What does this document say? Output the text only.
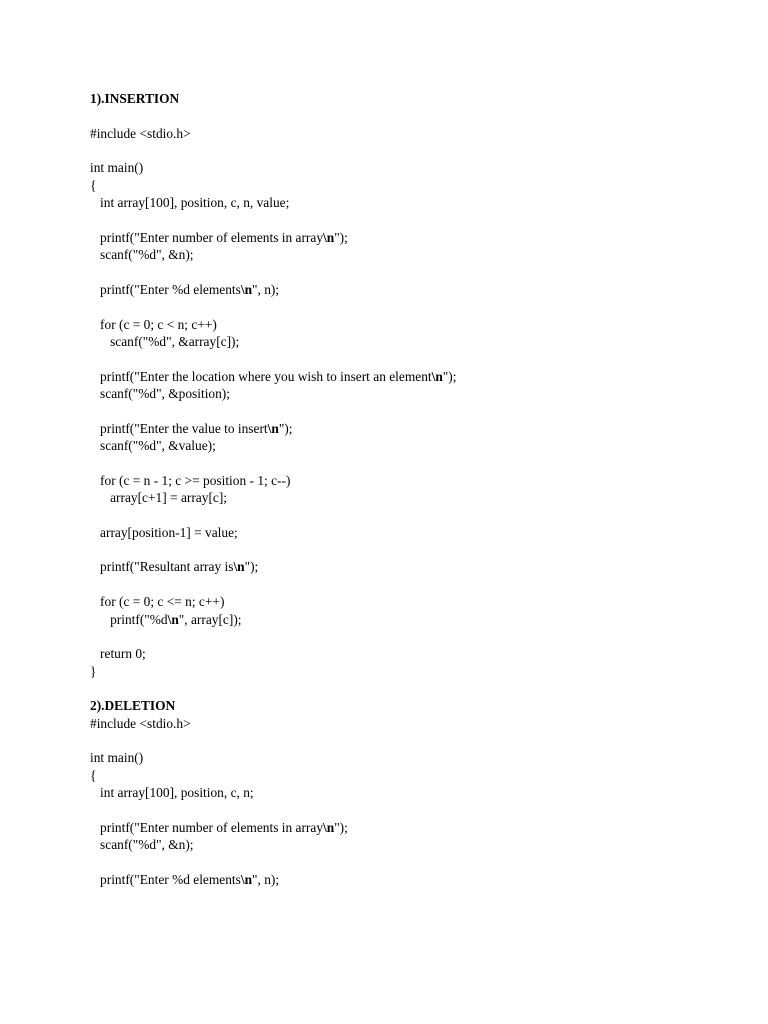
1).INSERTION
#include <stdio.h>
int main()
{
int array[100], position, c, n, value;
printf("Enter number of elements in array\n");
scanf("%d", &n);
printf("Enter %d elements\n", n);
for (c = 0; c < n; c++)
scanf("%d", &array[c]);
printf("Enter the location where you wish to insert an element\n");
scanf("%d", &position);
printf("Enter the value to insert\n");
scanf("%d", &value);
for (c = n - 1; c >= position - 1; c--)
array[c+1] = array[c];
array[position-1] = value;
printf("Resultant array is\n");
for (c = 0; c <= n; c++)
printf("%d\n", array[c]);
return 0;
}
2).DELETION
#include <stdio.h>
int main()
{
int array[100], position, c, n;
printf("Enter number of elements in array\n");
scanf("%d", &n);
printf("Enter %d elements\n", n);
